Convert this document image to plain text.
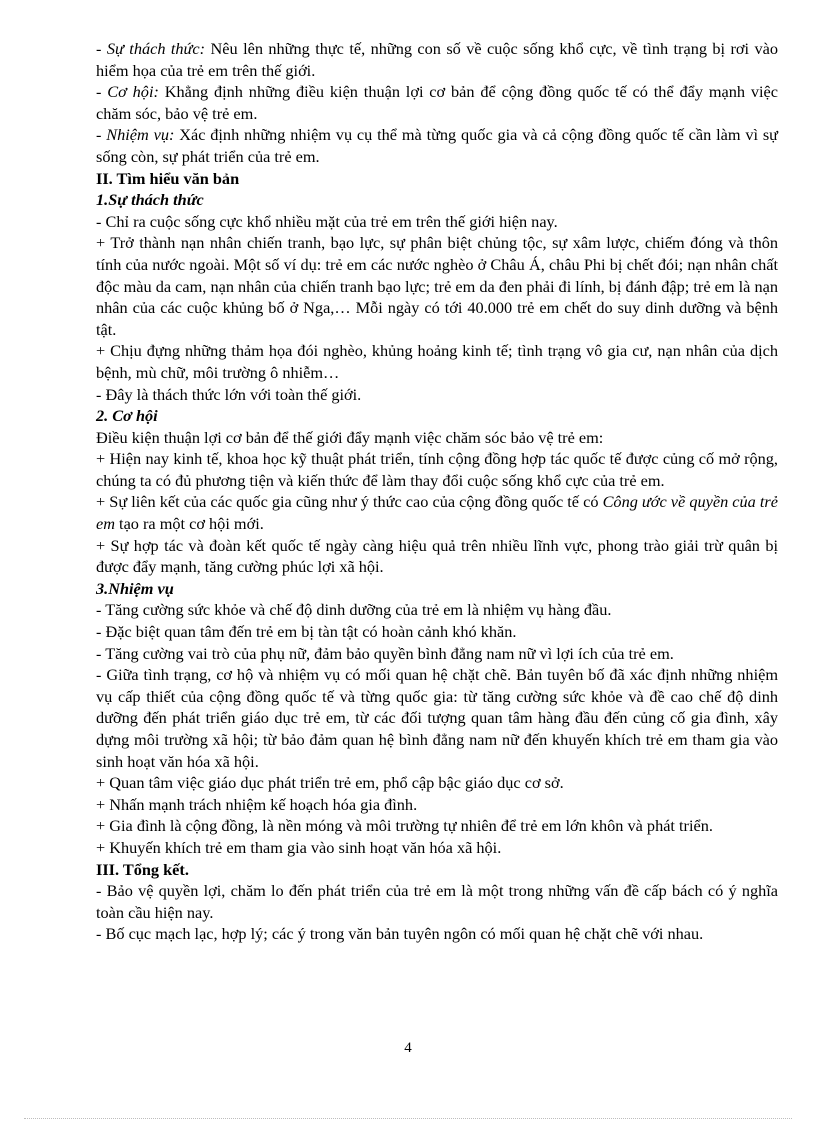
- Sự thách thức: Nêu lên những thực tế, những con số về cuộc sống khổ cực, về tình trạng bị rơi vào hiểm họa của trẻ em trên thế giới.

- Cơ hội: Khẳng định những điều kiện thuận lợi cơ bản để cộng đồng quốc tế có thể đẩy mạnh việc chăm sóc, bảo vệ trẻ em.

- Nhiệm vụ: Xác định những nhiệm vụ cụ thể mà từng quốc gia và cả cộng đồng quốc tế cần làm vì sự sống còn, sự phát triển của trẻ em.

II. Tìm hiểu văn bản
1.Sự thách thức

- Chỉ ra cuộc sống cực khổ nhiều mặt của trẻ em trên thế giới hiện nay.

+ Trở thành nạn nhân chiến tranh, bạo lực, sự phân biệt chủng tộc, sự xâm lược, chiếm đóng và thôn tính của nước ngoài. Một số ví dụ: trẻ em các nước nghèo ở Châu Á, châu Phi bị chết đói; nạn nhân chất độc màu da cam, nạn nhân của chiến tranh bạo lực; trẻ em da đen phải đi lính, bị đánh đập; trẻ em là nạn nhân của các cuộc khủng bố ở Nga,… Mỗi ngày có tới 40.000 trẻ em chết do suy dinh dưỡng và bệnh tật.

+ Chịu đựng những thảm họa đói nghèo, khủng hoảng kinh tế; tình trạng vô gia cư, nạn nhân của dịch bệnh, mù chữ, môi trường ô nhiễm…

- Đây là thách thức lớn với toàn thế giới.

2. Cơ hội

Điều kiện thuận lợi cơ bản để thế giới đẩy mạnh việc chăm sóc bảo vệ trẻ em:

+ Hiện nay kinh tế, khoa học kỹ thuật phát triển, tính cộng đồng hợp tác quốc tế được củng cố mở rộng, chúng ta có đủ phương tiện và kiến thức để làm thay đổi cuộc sống khổ cực của trẻ em.

+ Sự liên kết của các quốc gia cũng như ý thức cao của cộng đồng quốc tế có Công ước về quyền của trẻ em tạo ra một cơ hội mới.

+ Sự hợp tác và đoàn kết quốc tế ngày càng hiệu quả trên nhiều lĩnh vực, phong trào giải trừ quân bị được đẩy mạnh, tăng cường phúc lợi xã hội.

3.Nhiệm vụ

- Tăng cường sức khỏe và chế độ dinh dưỡng của trẻ em là nhiệm vụ hàng đầu.

- Đặc biệt quan tâm đến trẻ em bị tàn tật có hoàn cảnh khó khăn.

- Tăng cường vai trò của phụ nữ, đảm bảo quyền bình đẳng nam nữ vì lợi ích của trẻ em.

- Giữa tình trạng, cơ hộ và nhiệm vụ có mối quan hệ chặt chẽ. Bản tuyên bố đã xác định những nhiệm vụ cấp thiết của cộng đồng quốc tế và từng quốc gia: từ tăng cường sức khỏe và đề cao chế độ dinh dưỡng đến phát triển giáo dục trẻ em, từ các đối tượng quan tâm hàng đầu đến củng cố gia đình, xây dựng môi trường xã hội; từ bảo đảm quan hệ bình đẳng nam nữ đến khuyến khích trẻ em tham gia vào sinh hoạt văn hóa xã hội.

+ Quan tâm việc giáo dục phát triển trẻ em, phổ cập bậc giáo dục cơ sở.

+ Nhấn mạnh trách nhiệm kế hoạch hóa gia đình.

+ Gia đình là cộng đồng, là nền móng và môi trường tự nhiên để trẻ em lớn khôn và phát triển.

+ Khuyến khích trẻ em tham gia vào sinh hoạt văn hóa xã hội.

III. Tổng kết.

- Bảo vệ quyền lợi, chăm lo đến phát triển của trẻ em là một trong những vấn đề cấp bách có ý nghĩa toàn cầu hiện nay.

- Bố cục mạch lạc, hợp lý; các ý trong văn bản tuyên ngôn có mối quan hệ chặt chẽ với nhau.

4
